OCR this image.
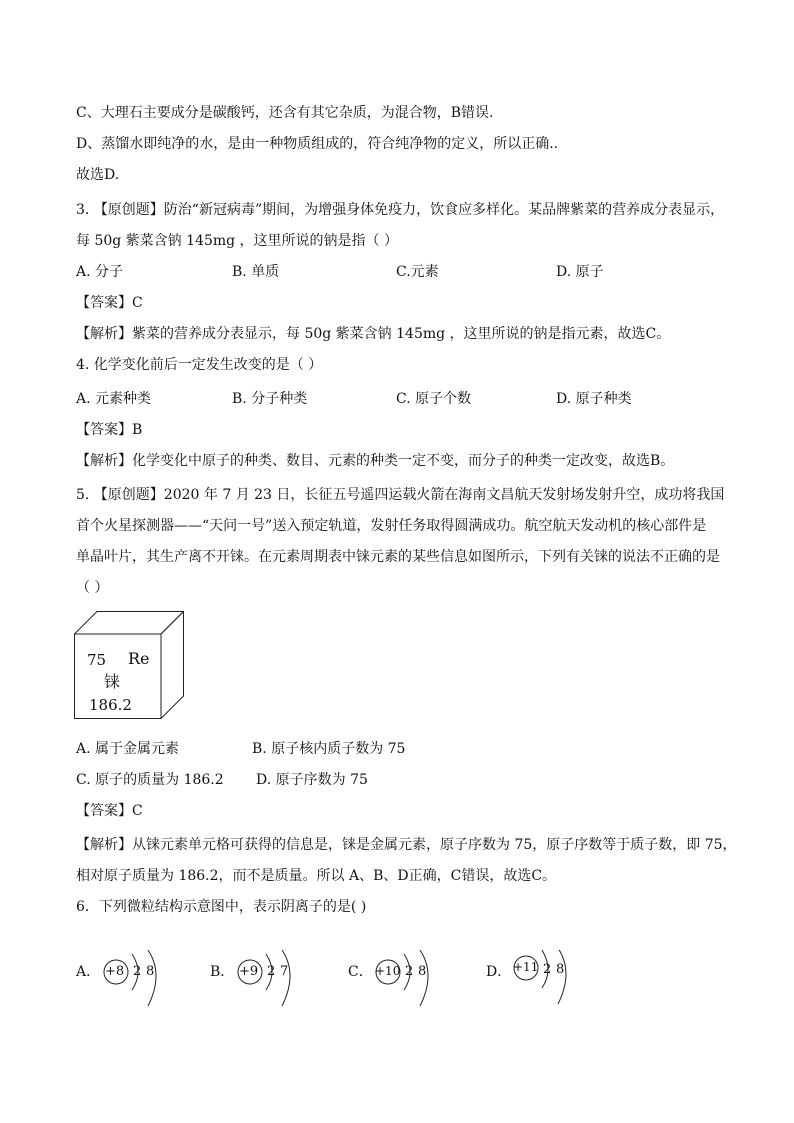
C、大理石主要成分是碳酸钙，还含有其它杂质，为混合物，B错误.
D、蒸馏水即纯净的水，是由一种物质组成的，符合纯净物的定义，所以正确..
故选D.
3. 【原创题】防治“新冠病毒”期间，为增强身体免疫力，饮食应多样化。某品牌紫菜的营养成分表显示，
每 50g 紫菜含钠 145mg ，这里所说的钠是指（ ）
A. 分子	B. 单质	C.元素	D. 原子
【答案】C
【解析】紫菜的营养成分表显示，每 50g 紫菜含钠 145mg ，这里所说的钠是指元素，故选C。
4. 化学变化前后一定发生改变的是（ ）
A. 元素种类	B. 分子种类	C. 原子个数	D. 原子种类
【答案】B
【解析】化学变化中原子的种类、数目、元素的种类一定不变，而分子的种类一定改变，故选B。
5. 【原创题】2020 年 7 月 23 日，长征五号遥四运载火箭在海南文昌航天发射场发射升空，成功将我国
首个火星探测器——“天问一号”送入预定轨道，发射任务取得圆满成功。航空航天发动机的核心部件是
单晶叶片，其生产离不开铼。在元素周期表中铼元素的某些信息如图所示，下列有关铼的说法不正确的是
（ ）
75 Re
铼
186.2
A. 属于金属元素	B. 原子核内质子数为 75
C. 原子的质量为 186.2 D. 原子序数为 75
【答案】C
【解析】从铼元素单元格可获得的信息是，铼是金属元素，原子序数为 75，原子序数等于质子数，即 75，
相对原子质量为 186.2，而不是质量。所以 A、B、D正确，C错误，故选C。
6．下列微粒结构示意图中，表示阴离子的是( )
A． +8 2 8	B． +9 2 7	C． +10 2 8	D． +11 2 8
